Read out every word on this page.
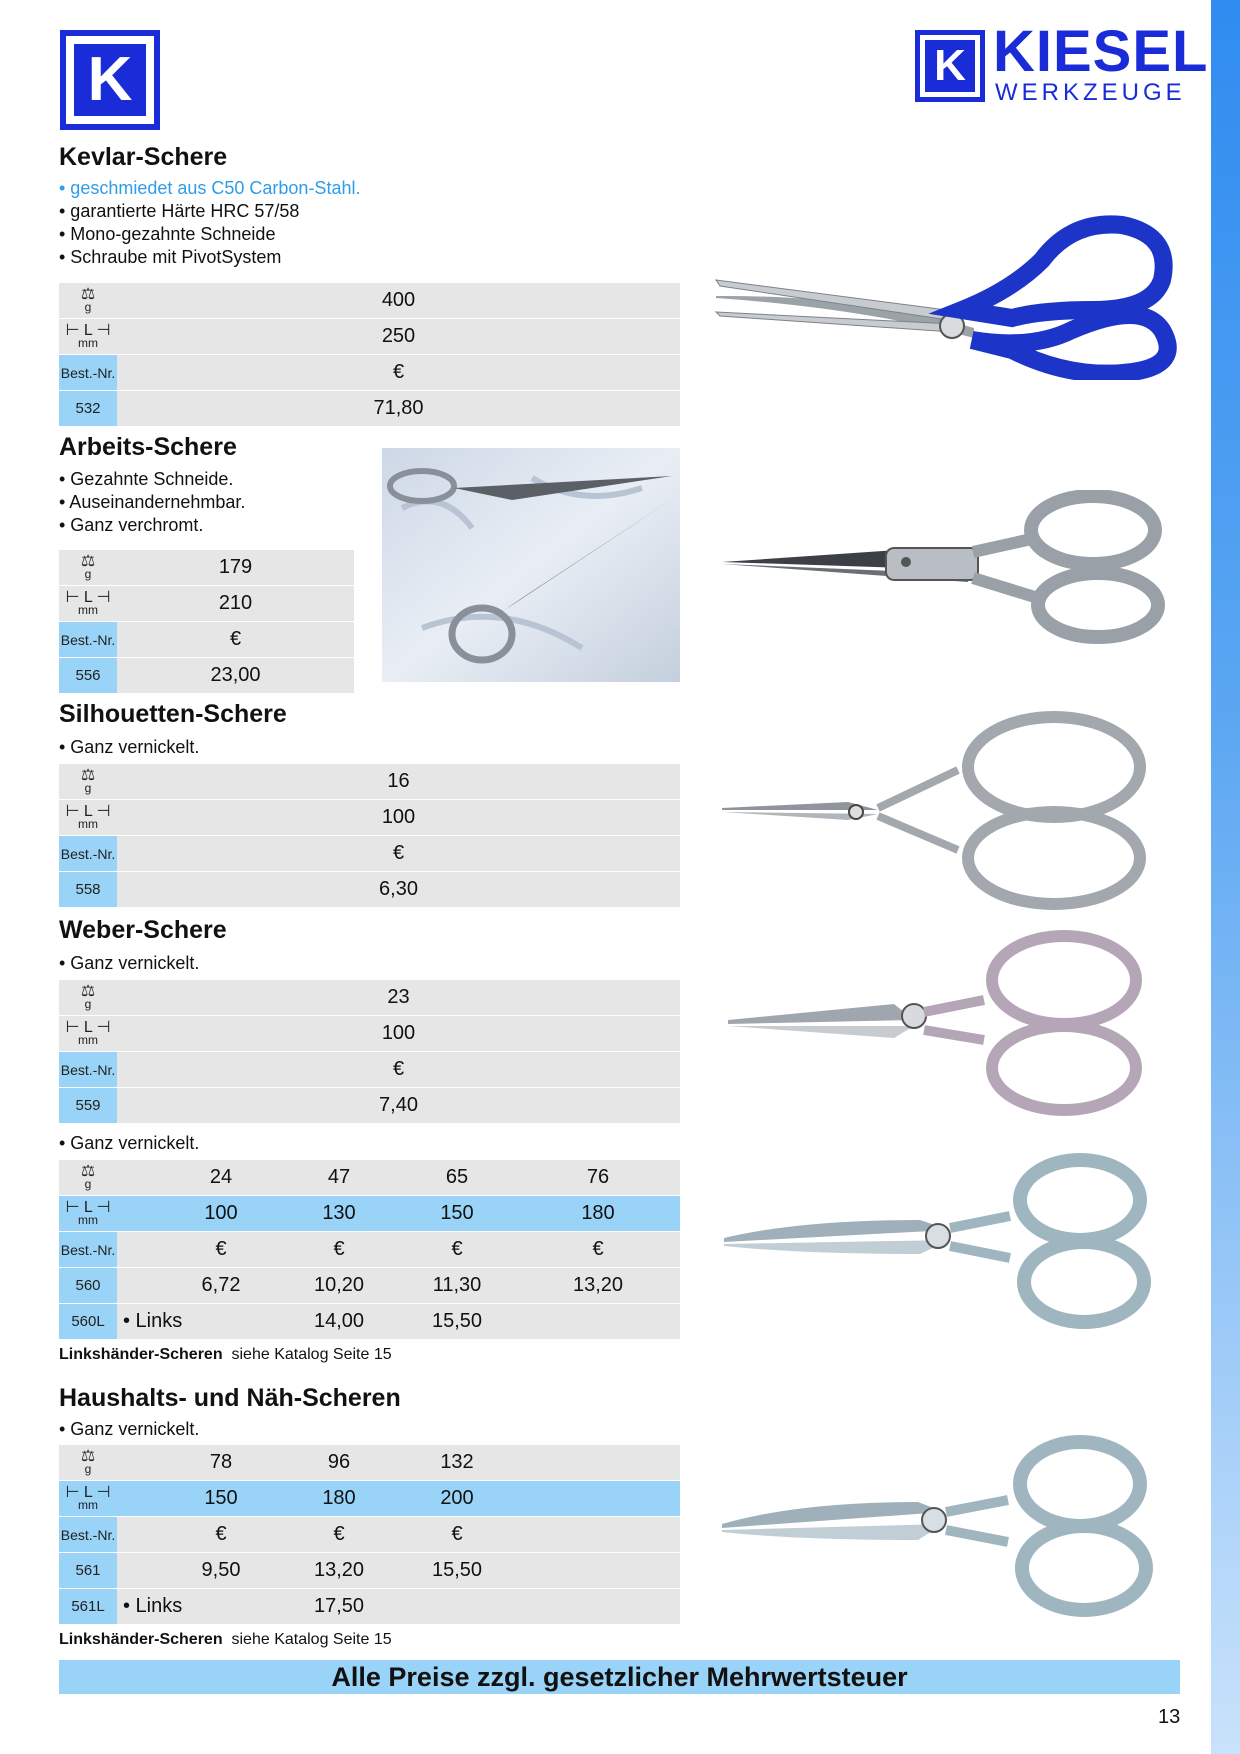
K	K KIESEL
WERKZEUGE
Kevlar-Schere
• geschmiedet aus C50 Carbon-Stahl.
• garantierte Härte HRC 57/58
• Mono-gezahnte Schneide
• Schraube mit PivotSystem
⚖
g	400

⊢ L ⊣
mm	250
Best.-Nr.	€
532	71,80
Arbeits-Schere
• Gezahnte Schneide.
• Auseinandernehmbar.
• Ganz verchromt.
⚖
g	179

⊢ L ⊣
mm	210
Best.-Nr.	€
556	23,00
Silhouetten-Schere
• Ganz vernickelt.
⚖
g	16

⊢ L ⊣
mm	100
Best.-Nr.	€
558	6,30
Weber-Schere
• Ganz vernickelt.
⚖
g	23

⊢ L ⊣
mm	100
Best.-Nr.	€
559	7,40
• Ganz vernickelt.
⚖
g		24	47	65	76

⊢ L ⊣
mm		100	130	150	180
Best.-Nr.		€	€	€	€
560		6,72	10,20	11,30	13,20
560L	• Links		14,00	15,50	
Linkshänder-Scheren siehe Katalog Seite 15
Haushalts- und Näh-Scheren
• Ganz vernickelt.
⚖
g		78	96	132	

⊢ L ⊣
mm		150	180	200	
Best.-Nr.		€	€	€	
561		9,50	13,20	15,50	
561L	• Links		17,50		
Linkshänder-Scheren siehe Katalog Seite 15
Alle Preise zzgl. gesetzlicher Mehrwertsteuer
13
